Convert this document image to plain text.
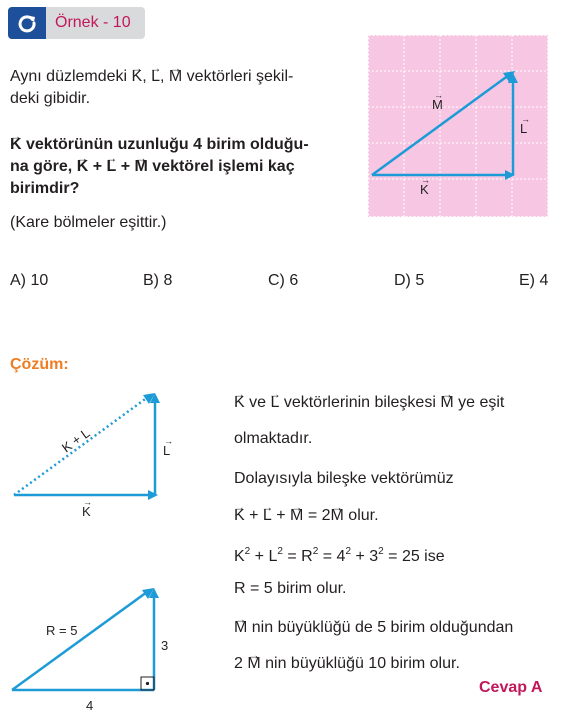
Örnek - 10
Aynı düzlemdeki → K, → L, → M vektörleri şekil-
deki gibidir.
→ K vektörünün uzunluğu 4 birim olduğu-
na göre, → K + → L + → M vektörel işlemi kaç
birimdir?
(Kare bölmeler eşittir.)
M
→
L
→
K
→
A) 10	B) 8	C) 6	D) 5	E) 4
Çözüm:
K + L	L
→
K
→
R = 5
3
4
→ K ve → L vektörlerinin bileşkesi → M ye eşit
olmaktadır.
Dolayısıyla bileşke vektörümüz
→ K + → L + → M = 2→ M olur.
$K^2 + L^2 = R^2 = 4^2 + 3^2 = 25$ ise
R = 5 birim olur.
→ M nin büyüklüğü de 5 birim olduğundan
2 → M nin büyüklüğü 10 birim olur.
Cevap A
